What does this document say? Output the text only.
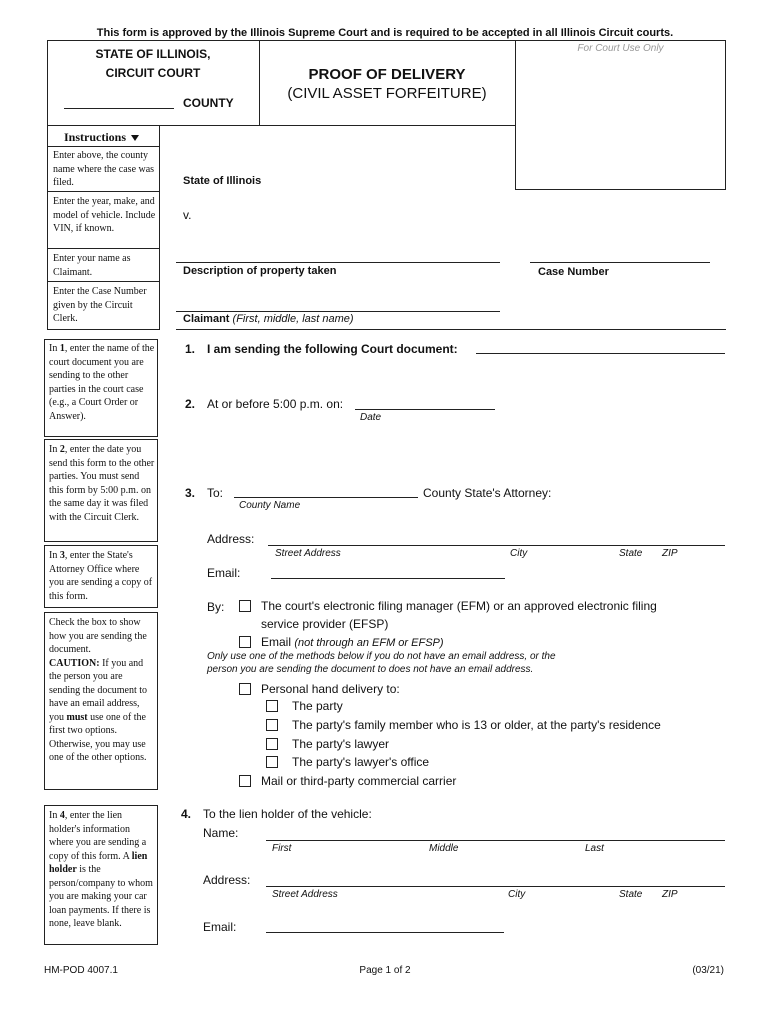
This form is approved by the Illinois Supreme Court and is required to be accepted in all Illinois Circuit courts.
STATE OF ILLINOIS,
CIRCUIT COURT
COUNTY
PROOF OF DELIVERY
(CIVIL ASSET FORFEITURE)
For Court Use Only
Instructions
Enter above, the county name where the case was filed.
Enter the year, make, and model of vehicle. Include VIN, if known.
Enter your name as Claimant.
Enter the Case Number given by the Circuit Clerk.
State of Illinois
v.
Description of property taken
Claimant (First, middle, last name)
Case Number
In 1, enter the name of the court document you are sending to the other parties in the court case (e.g., a Court Order or Answer).
In 2, enter the date you send this form to the other parties. You must send this form by 5:00 p.m. on the same day it was filed with the Circuit Clerk.
In 3, enter the State's Attorney Office where you are sending a copy of this form.
Check the box to show how you are sending the document.
CAUTION: If you and the person you are sending the document to have an email address, you must use one of the first two options. Otherwise, you may use one of the other options.
In 4, enter the lien holder's information where you are sending a copy of this form. A lien holder is the person/company to whom you are making your car loan payments. If there is none, leave blank.
1. I am sending the following Court document:
2. At or before 5:00 p.m. on:
Date
3. To:
County Name
County State's Attorney:
Address:
Street Address	City	State ZIP
Email:
By:	The court's electronic filing manager (EFM) or an approved electronic filing
service provider (EFSP)
Email (not through an EFM or EFSP)
Only use one of the methods below if you do not have an email address, or the
person you are sending the document to does not have an email address.
Personal hand delivery to:
The party
The party's family member who is 13 or older, at the party's residence
The party's lawyer
The party's lawyer's office
Mail or third-party commercial carrier
4. To the lien holder of the vehicle:
Name:
First	Middle	Last
Address:
Street Address	City	State ZIP
Email:
HM-POD 4007.1	Page 1 of 2	(03/21)
